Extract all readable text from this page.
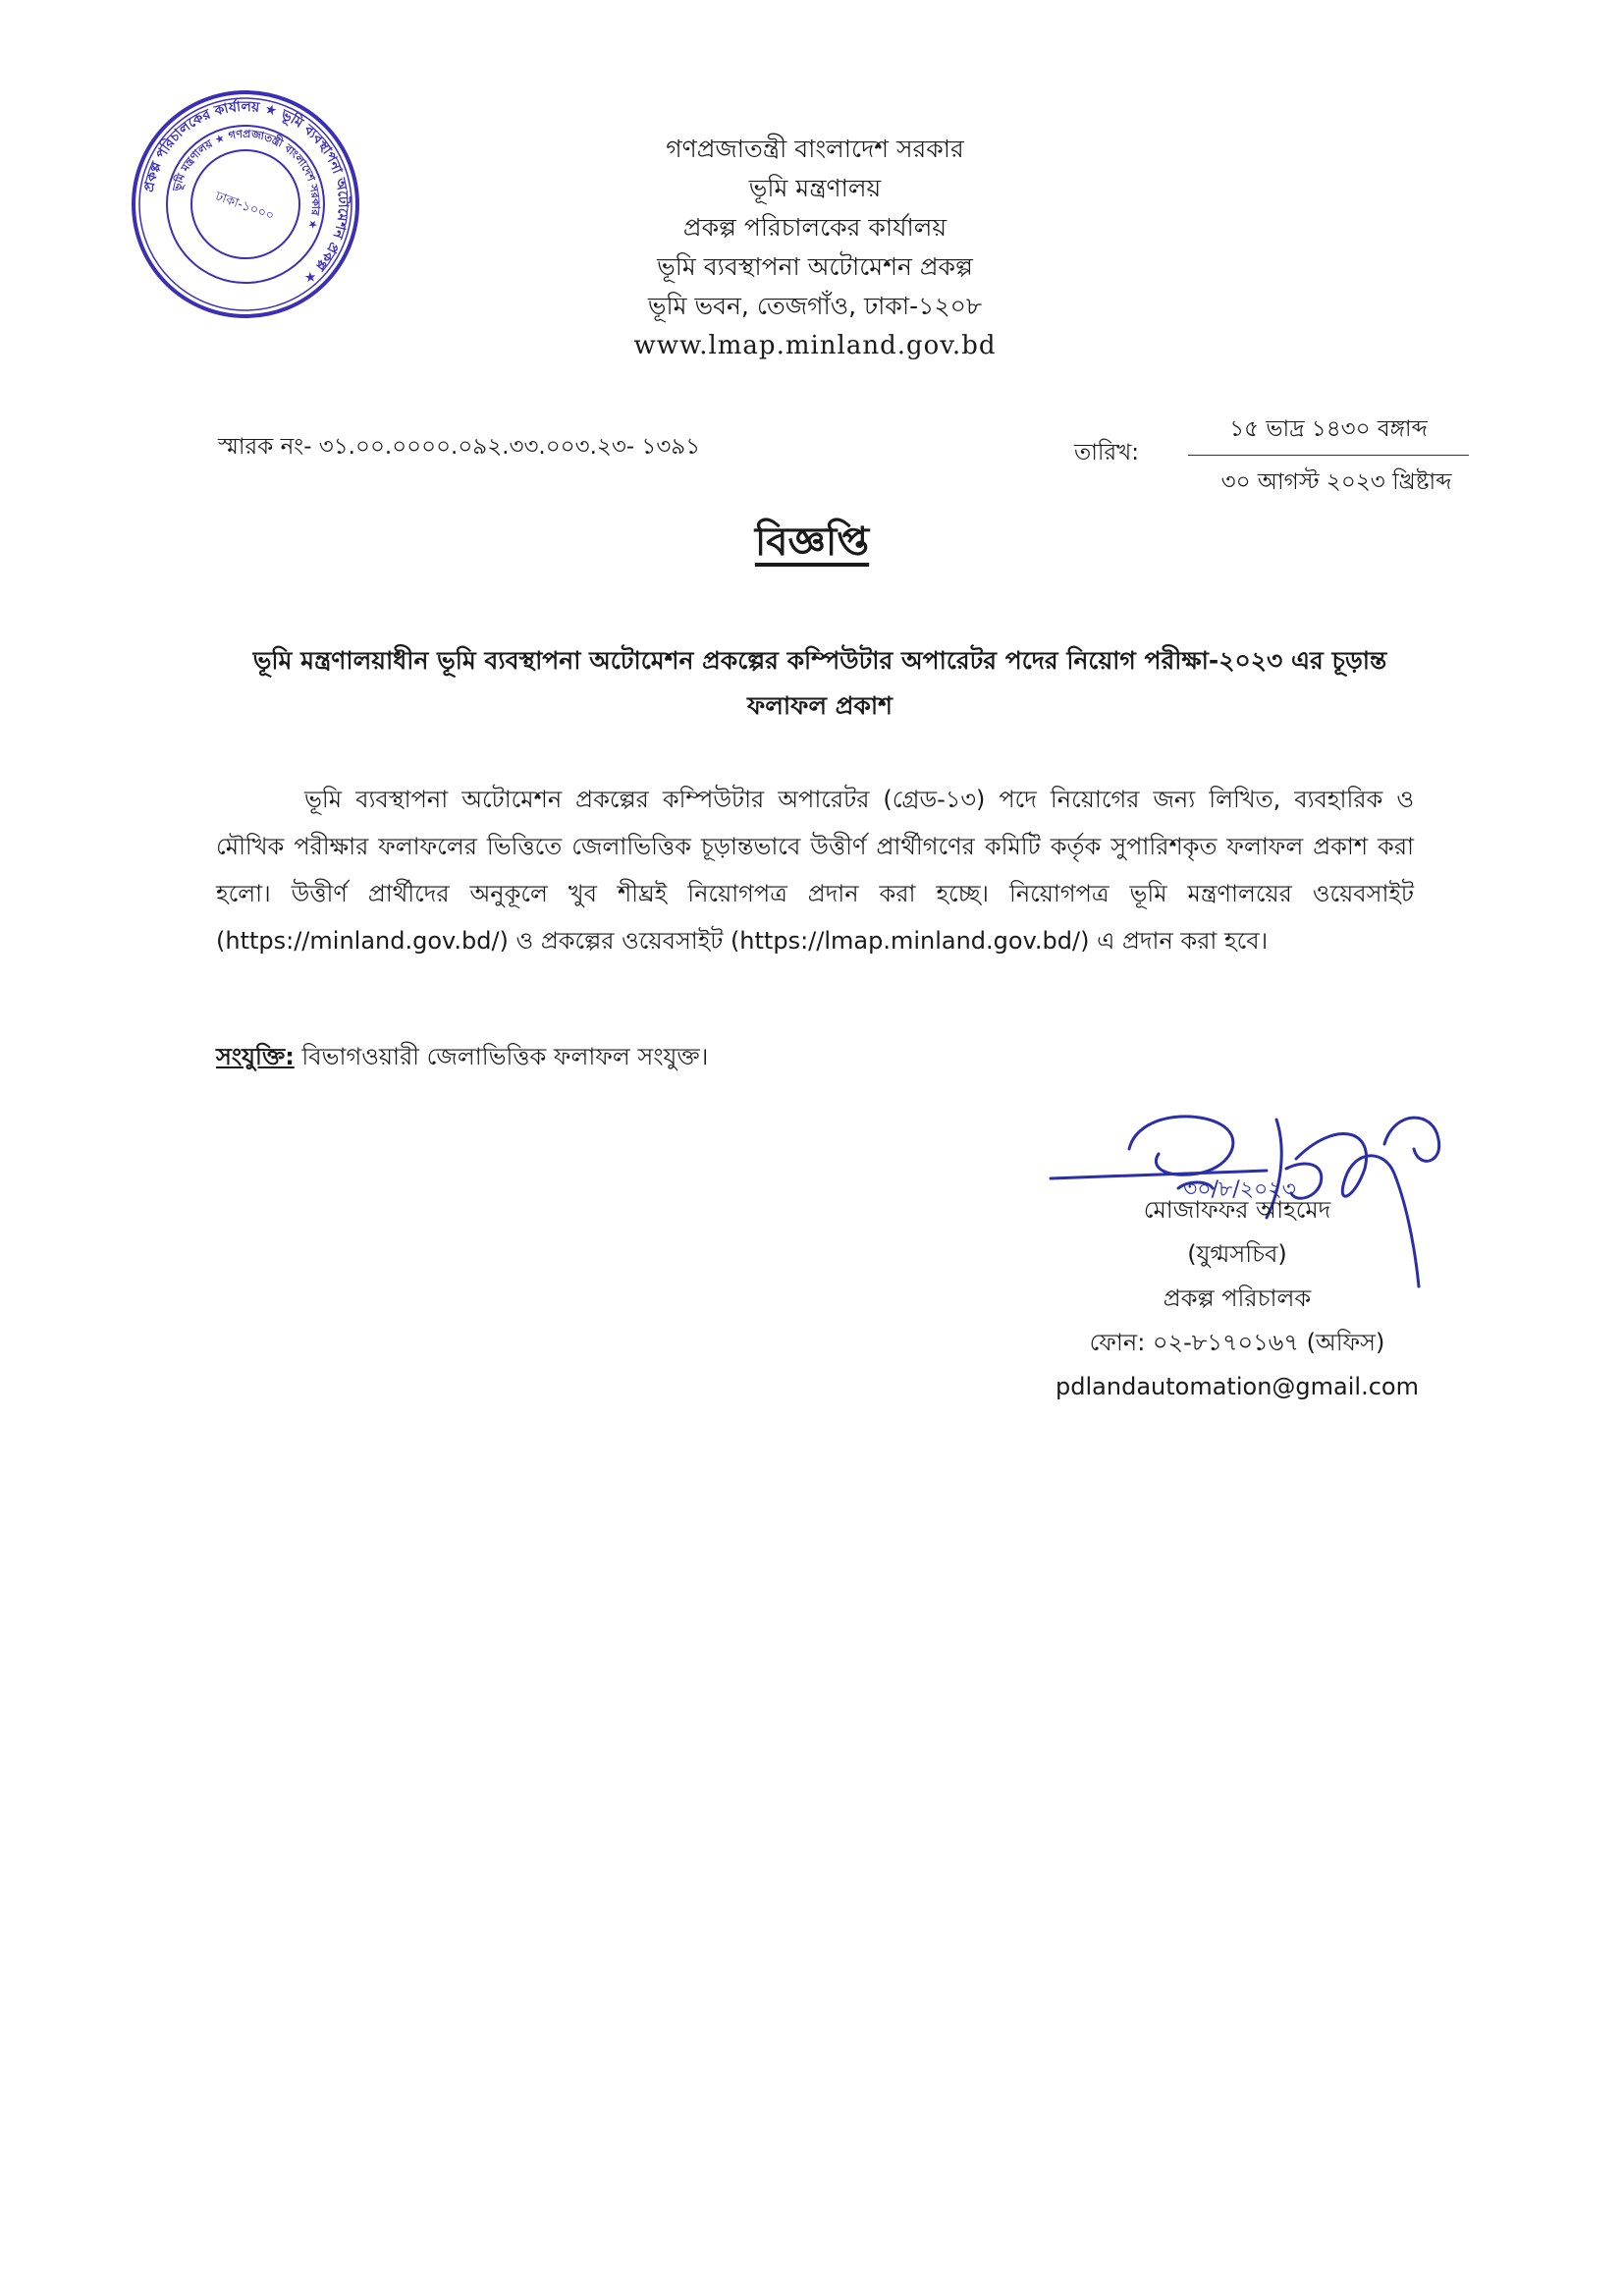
প্রকল্প পরিচালকের কার্যালয় ★ ভূমি ব্যবস্থাপনা অটোমেশন প্রকল্প ★
ভূমি মন্ত্রণালয় ★ গণপ্রজাতন্ত্রী বাংলাদেশ সরকার ★
ঢাকা-১০০০
গণপ্রজাতন্ত্রী বাংলাদেশ সরকার
ভূমি মন্ত্রণালয়
প্রকল্প পরিচালকের কার্যালয়
ভূমি ব্যবস্থাপনা অটোমেশন প্রকল্প
ভূমি ভবন, তেজগাঁও, ঢাকা-১২০৮
www.lmap.minland.gov.bd
স্মারক নং- ৩১.০০.০০০০.০৯২.৩৩.০০৩.২৩- ১৩৯১	তারিখ:
১৫ ভাদ্র ১৪৩০ বঙ্গাব্দ
৩০ আগস্ট ২০২৩ খ্রিষ্টাব্দ
বিজ্ঞপ্তি
ভূমি মন্ত্রণালয়াধীন ভূমি ব্যবস্থাপনা অটোমেশন প্রকল্পের কম্পিউটার অপারেটর পদের নিয়োগ পরীক্ষা-২০২৩ এর চূড়ান্ত ফলাফল প্রকাশ
ভূমি ব্যবস্থাপনা অটোমেশন প্রকল্পের কম্পিউটার অপারেটর (গ্রেড-১৩) পদে নিয়োগের জন্য লিখিত, ব্যবহারিক ও মৌখিক পরীক্ষার ফলাফলের ভিত্তিতে জেলাভিত্তিক চূড়ান্তভাবে উত্তীর্ণ প্রার্থীগণের কমিটি কর্তৃক সুপারিশকৃত ফলাফল প্রকাশ করা হলো। উত্তীর্ণ প্রার্থীদের অনুকূলে খুব শীঘ্রই নিয়োগপত্র প্রদান করা হচ্ছে। নিয়োগপত্র ভূমি মন্ত্রণালয়ের ওয়েবসাইট (https://minland.gov.bd/) ও প্রকল্পের ওয়েবসাইট (https://lmap.minland.gov.bd/) এ প্রদান করা হবে।
সংযুক্তি: বিভাগওয়ারী জেলাভিত্তিক ফলাফল সংযুক্ত।
৩০/৮/২০২৩
মোজাফফর আহমেদ
(যুগ্মসচিব)
প্রকল্প পরিচালক
ফোন: ০২-৮১৭০১৬৭ (অফিস)
pdlandautomation@gmail.com
